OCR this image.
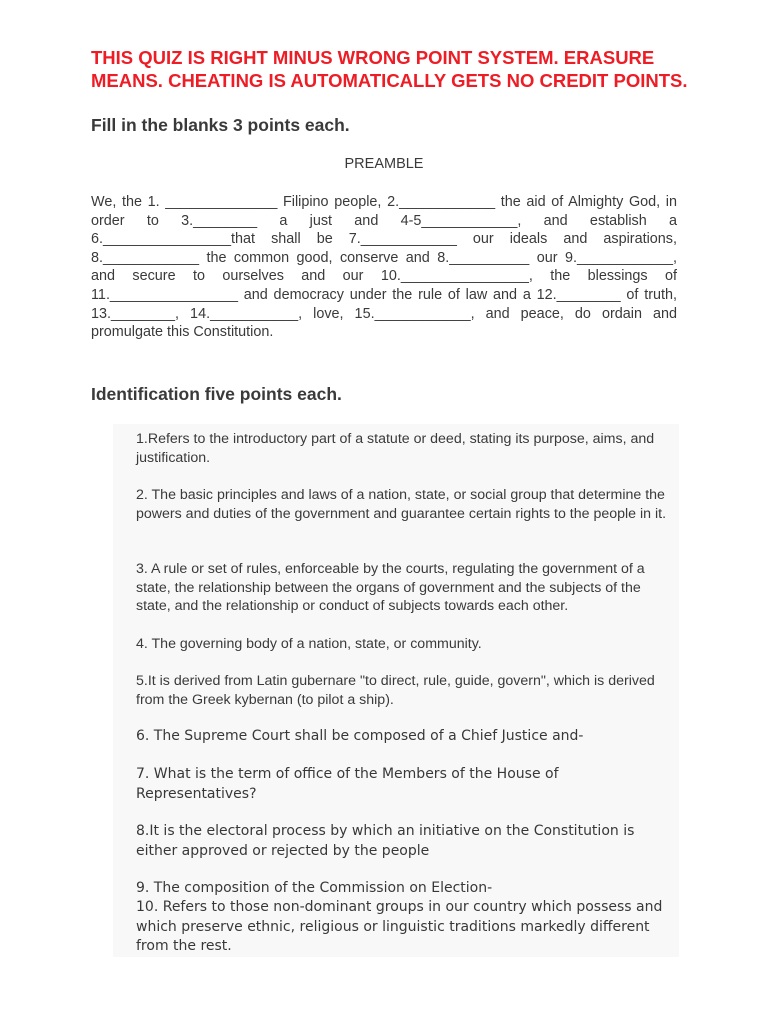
THIS QUIZ IS RIGHT MINUS WRONG POINT SYSTEM. ERASURE MEANS. CHEATING IS AUTOMATICALLY GETS NO CREDIT POINTS.

Fill in the blanks 3 points each.

PREAMBLE

We, the 1. ______________ Filipino people, 2.____________ the aid of Almighty God, in order to 3.________ a just and 4-5____________, and establish a 6.________________that shall be 7.____________ our ideals and aspirations, 8.____________ the common good, conserve and 8.__________ our 9.____________, and secure to ourselves and our 10.________________, the blessings of 11.________________ and democracy under the rule of law and a 12.________ of truth, 13.________, 14.___________, love, 15.____________, and peace, do ordain and promulgate this Constitution.

Identification five points each.

1.Refers to the introductory part of a statute or deed, stating its purpose, aims, and justification.

2. The basic principles and laws of a nation, state, or social group that determine the powers and duties of the government and guarantee certain rights to the people in it.

3. A rule or set of rules, enforceable by the courts, regulating the government of a state, the relationship between the organs of government and the subjects of the state, and the relationship or conduct of subjects towards each other.

4. The governing body of a nation, state, or community.

5.It is derived from Latin gubernare "to direct, rule, guide, govern", which is derived from the Greek kybernan (to pilot a ship).

6. The Supreme Court shall be composed of a Chief Justice and-

7. What is the term of office of the Members of the House of Representatives?

8.It is the electoral process by which an initiative on the Constitution is either approved or rejected by the people

9. The composition of the Commission on Election-

10. Refers to those non-dominant groups in our country which possess and which preserve ethnic, religious or linguistic traditions markedly different from the rest.
